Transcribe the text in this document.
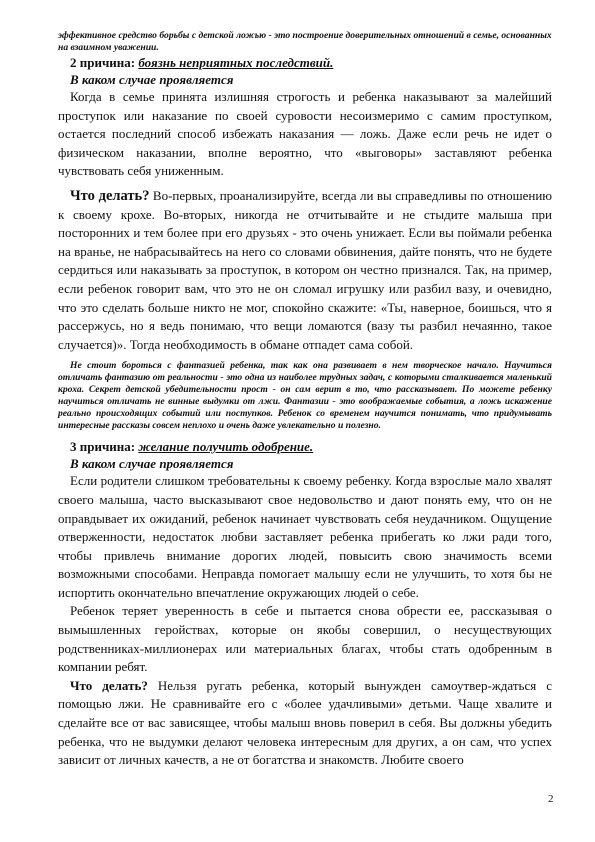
эффективное средство борьбы с детской ложью - это построение доверительных отношений в семье, основанных на взаимном уважении.

2 причина: боязнь неприятных последствий.

В каком случае проявляется

Когда в семье принята излишняя строгость и ребенка наказывают за малейший проступок или наказание по своей суровости несоизмеримо с самим проступком, остается последний способ избежать наказания — ложь. Даже если речь не идет о физическом наказании, вполне вероятно, что «выговоры» заставляют ребенка чувствовать себя униженным.

Что делать? Во-первых, проанализируйте, всегда ли вы справедливы по отношению к своему крохе. Во-вторых, никогда не отчитывайте и не стыдите малыша при посторонних и тем более при его друзьях - это очень унижает. Если вы поймали ребенка на вранье, не набрасывайтесь на него со словами обвинения, дайте понять, что не будете сердиться или наказывать за проступок, в котором он честно признался. Так, на пример, если ребенок говорит вам, что это не он сломал игрушку или разбил вазу, и очевидно, что это сделать больше никто не мог, спокойно скажите: «Ты, наверное, боишься, что я рассержусь, но я ведь понимаю, что вещи ломаются (вазу ты разбил нечаянно, такое случается)». Тогда необходимость в обмане отпадет сама собой.

Не стоит бороться с фантазией ребенка, так как она развивает в нем творческое начало. Научиться отличать фантазию от реальности - это одна из наиболее трудных задач, с которыми сталкивается маленький кроха. Секрет детской убедительности прост - он сам верит в то, что рассказывает. По можете ребенку научиться отличать не винные выдумки от лжи. Фантазии - это воображаемые события, а ложь искажение реально происходящих событий или поступков. Ребенок со временем научится понимать, что придумывать интересные рассказы совсем неплохо и очень даже увлекательно и полезно.

3 причина: желание получить одобрение.

В каком случае проявляется

Если родители слишком требовательны к своему ребенку. Когда взрослые мало хвалят своего малыша, часто высказывают свое недовольство и дают понять ему, что он не оправдывает их ожиданий, ребенок начинает чувствовать себя неудачником. Ощущение отверженности, недостаток любви заставляет ребенка прибегать ко лжи ради того, чтобы привлечь внимание дорогих людей, повысить свою значимость всеми возможными способами. Неправда помогает малышу если не улучшить, то хотя бы не испортить окончательно впечатление окружающих людей о себе.

Ребенок теряет уверенность в себе и пытается снова обрести ее, рассказывая о вымышленных геройствах, которые он якобы совершил, о несуществующих родственниках-миллионерах или материальных благах, чтобы стать одобренным в компании ребят.

Что делать? Нельзя ругать ребенка, который вынужден самоутвер-ждаться с помощью лжи. Не сравнивайте его с «более удачливыми» детьми. Чаще хвалите и сделайте все от вас зависящее, чтобы малыш вновь поверил в себя. Вы должны убедить ребенка, что не выдумки делают человека интересным для других, а он сам, что успех зависит от личных качеств, а не от богатства и знакомств. Любите своего

2
